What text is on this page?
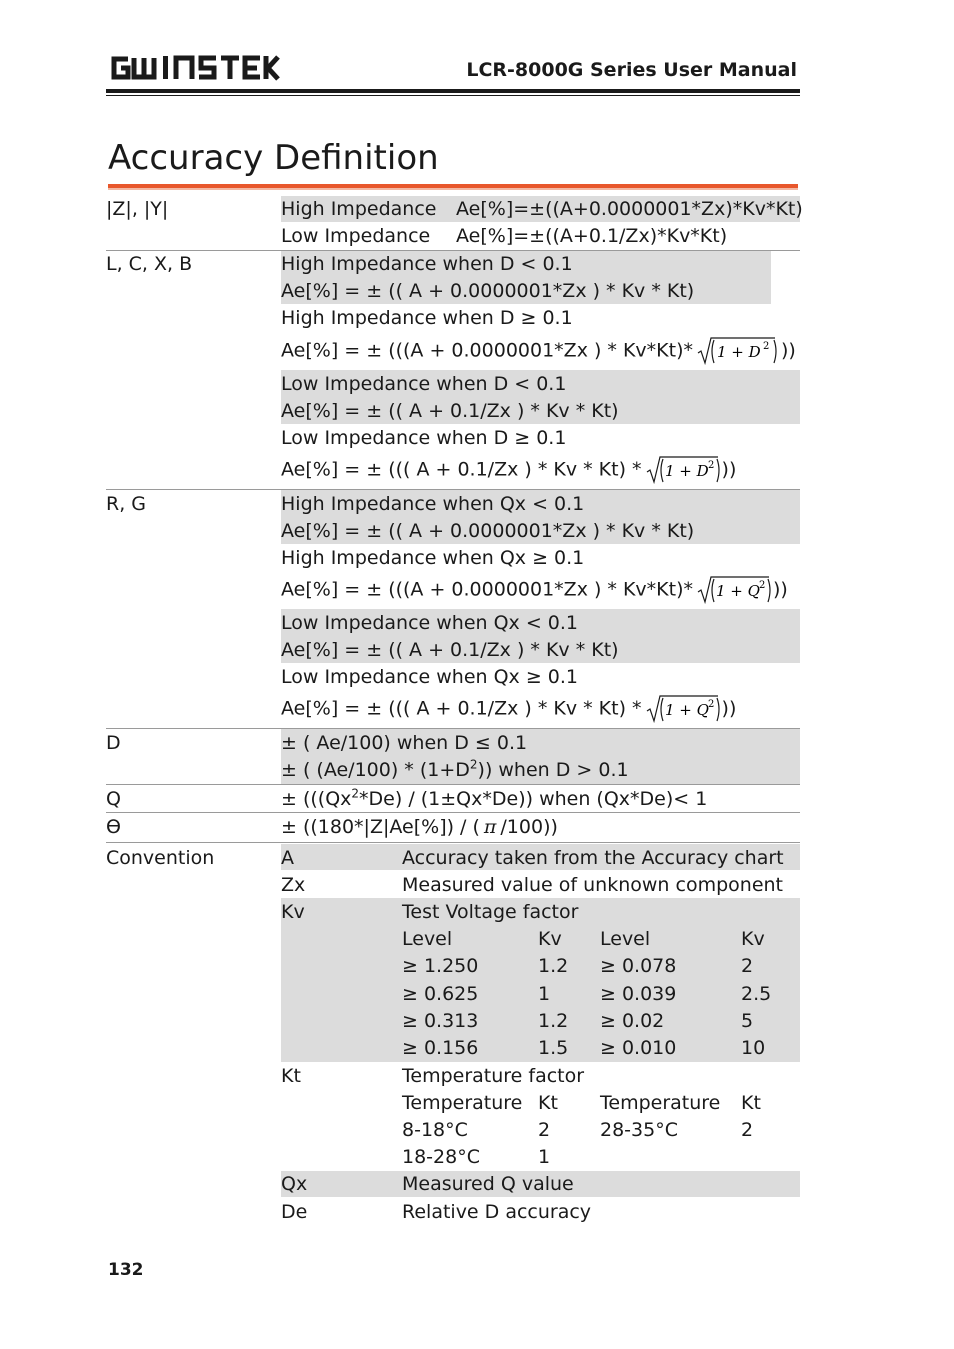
LCR-8000G Series User Manual
Accuracy Definition
|Z|, |Y|	High Impedance Ae[%]=±((A+0.0000001*Zx)*Kv*Kt)
Low Impedance Ae[%]=±((A+0.1/Zx)*Kv*Kt)
L, C, X, B	High Impedance when D < 0.1
Ae[%] = ± (( A + 0.0000001*Zx ) * Kv * Kt)
High Impedance when D ≥ 0.1
Ae[%] = ± (((A + 0.0000001*Zx ) * Kv*Kt)* 1 + D 2 ))
Low Impedance when D < 0.1
Ae[%] = ± (( A + 0.1/Zx ) * Kv * Kt)
Low Impedance when D ≥ 0.1
Ae[%] = ± ((( A + 0.1/Zx ) * Kv * Kt) * 1 + D 2 ))
R, G	High Impedance when Qx < 0.1
Ae[%] = ± (( A + 0.0000001*Zx ) * Kv * Kt)
High Impedance when Qx ≥ 0.1
Ae[%] = ± (((A + 0.0000001*Zx ) * Kv*Kt)* 1 + Q 2 ))
Low Impedance when Qx < 0.1
Ae[%] = ± (( A + 0.1/Zx ) * Kv * Kt)
Low Impedance when Qx ≥ 0.1
Ae[%] = ± ((( A + 0.1/Zx ) * Kv * Kt) * 1 + Q 2 ))
D	± ( Ae/100) when D ≤ 0.1
± ( $(Ae/100) * (1+D^2)$) when D > 0.1
Q	± ($((Qx^2*De) / (1\pm Qx*De))$ when (Qx*De)< 1
Ө	± ((180*|Z|Ae[%]) / ( π /100))
Convention	A	Accuracy taken from the Accuracy chart
Zx	Measured value of unknown component
Kv	Test Voltage factor
Level	Kv Level	Kv
≥ 1.250	1.2 ≥ 0.078	2
≥ 0.625	1	≥ 0.039	2.5
≥ 0.313	1.2 ≥ 0.02	5
≥ 0.156	1.5 ≥ 0.010	10
Kt	Temperature factor
Temperature Kt Temperature Kt
8-18°C	2	28-35°C	2
18-28°C	1
Qx	Measured Q value
De	Relative D accuracy
132
